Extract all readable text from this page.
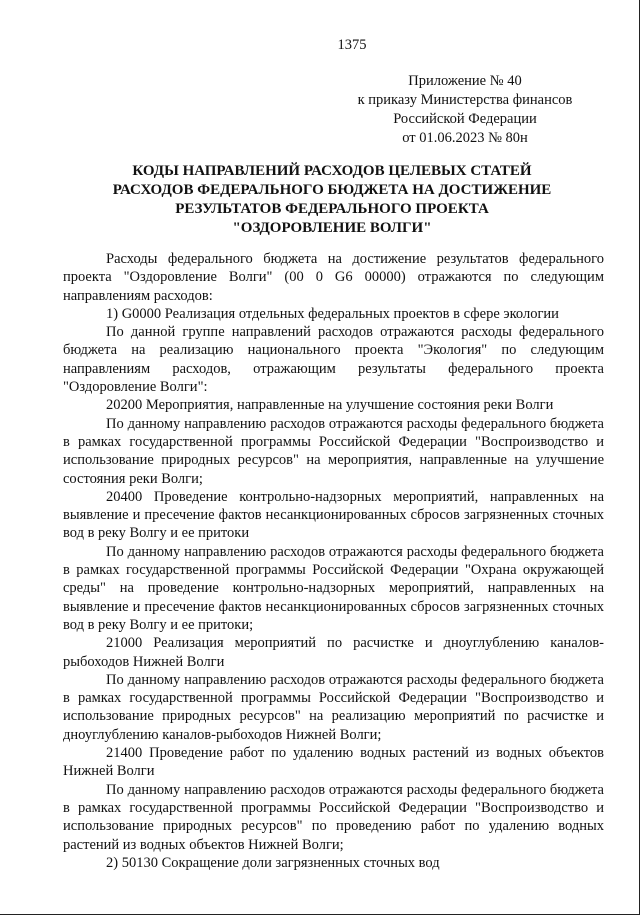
1375
Приложение № 40
к приказу Министерства финансов
Российской Федерации
от 01.06.2023 № 80н
КОДЫ НАПРАВЛЕНИЙ РАСХОДОВ ЦЕЛЕВЫХ СТАТЕЙ
РАСХОДОВ ФЕДЕРАЛЬНОГО БЮДЖЕТА НА ДОСТИЖЕНИЕ
РЕЗУЛЬТАТОВ ФЕДЕРАЛЬНОГО ПРОЕКТА
"ОЗДОРОВЛЕНИЕ ВОЛГИ"

Расходы федерального бюджета на достижение результатов федерального проекта "Оздоровление Волги" (00 0 G6 00000) отражаются по следующим направлениям расходов:

1) G0000 Реализация отдельных федеральных проектов в сфере экологии

По данной группе направлений расходов отражаются расходы федерального бюджета на реализацию национального проекта "Экология" по следующим направлениям расходов, отражающим результаты федерального проекта "Оздоровление Волги":

20200 Мероприятия, направленные на улучшение состояния реки Волги

По данному направлению расходов отражаются расходы федерального бюджета в рамках государственной программы Российской Федерации "Воспроизводство и использование природных ресурсов" на мероприятия, направленные на улучшение состояния реки Волги;

20400 Проведение контрольно-надзорных мероприятий, направленных на выявление и пресечение фактов несанкционированных сбросов загрязненных сточных вод в реку Волгу и ее притоки

По данному направлению расходов отражаются расходы федерального бюджета в рамках государственной программы Российской Федерации "Охрана окружающей среды" на проведение контрольно-надзорных мероприятий, направленных на выявление и пресечение фактов несанкционированных сбросов загрязненных сточных вод в реку Волгу и ее притоки;

21000 Реализация мероприятий по расчистке и дноуглублению каналов-рыбоходов Нижней Волги

По данному направлению расходов отражаются расходы федерального бюджета в рамках государственной программы Российской Федерации "Воспроизводство и использование природных ресурсов" на реализацию мероприятий по расчистке и дноуглублению каналов-рыбоходов Нижней Волги;

21400 Проведение работ по удалению водных растений из водных объектов Нижней Волги

По данному направлению расходов отражаются расходы федерального бюджета в рамках государственной программы Российской Федерации "Воспроизводство и использование природных ресурсов" по проведению работ по удалению водных растений из водных объектов Нижней Волги;

2) 50130 Сокращение доли загрязненных сточных вод
